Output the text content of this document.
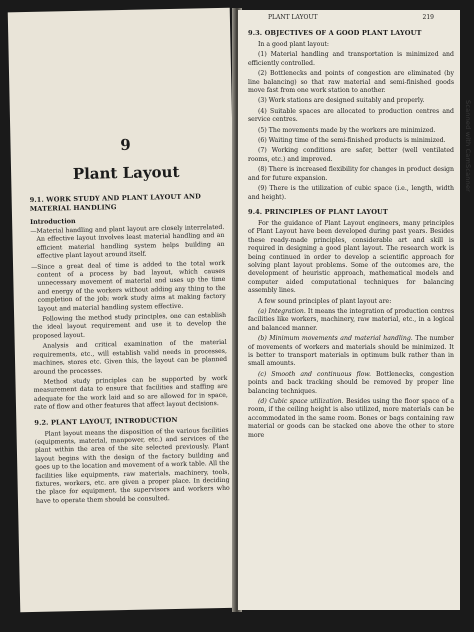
9
Plant Layout
9.1. WORK STUDY AND PLANT LAYOUT AND MATERIAL HANDLING
Introduction

—Material handling and plant layout are closely interrelated. An effective layout involves least material handling and an efficient material handling system helps building an effective plant layout around itself.

—Since a great deal of time is added to the total work content of a process by bad layout, which causes unnecessary movement of material and uses up the time and energy of the workers without adding any thing to the completion of the job; work study aims at making factory layout and material handling system effective.

Following the method study principles, one can establish the ideal layout requirement and use it to develop the proposed layout.

Analysis and critical examination of the material requirements, etc., will establish valid needs in processes, machines, stores etc. Given this, the layout can be planned around the processes.

Method study principles can be supported by work measurement data to ensure that facilities and staffing are adequate for the work laid and so are allowed for in space, rate of flow and other features that affect layout decisions.

9.2. PLANT LAYOUT, INTRODUCTION

Plant layout means the disposition of the various facilities (equipments, material, manpower, etc.) and services of the plant within the area of the site selected previously. Plant layout begins with the design of the factory building and goes up to the location and movement of a work table. All the facilities like equipments, raw materials, machinery, tools, fixtures, workers, etc. are given a proper place. In deciding the place for equipment, the supervisors and workers who have to operate them should be consulted.

PLANT LAYOUT	219
9.3. OBJECTIVES OF A GOOD PLANT LAYOUT

In a good plant layout:

(1) Material handling and transportation is minimized and efficiently controlled.

(2) Bottlenecks and points of congestion are eliminated (by line balancing) so that raw material and semi-finished goods move fast from one work station to another.

(3) Work stations are designed suitably and properly.

(4) Suitable spaces are allocated to production centres and service centres.

(5) The movements made by the workers are minimized.

(6) Waiting time of the semi-finished products is minimized.

(7) Working conditions are safer, better (well ventilated rooms, etc.) and improved.

(8) There is increased flexibility for changes in product design and for future expansion.

(9) There is the utilization of cubic space (i.e., length, width and height).

9.4. PRINCIPLES OF PLANT LAYOUT

For the guidance of Plant Layout engineers, many principles of Plant Layout have been developed during past years. Besides these ready-made principles, considerable art and skill is required in designing a good plant layout. The research work is being continued in order to develop a scientific approach for solving plant layout problems. Some of the outcomes are, the development of heuristic approach, mathematical models and computer aided computational techniques for balancing assembly lines.

A few sound principles of plant layout are:

(a) Integration. It means the integration of production centres facilities like workers, machinery, raw material, etc., in a logical and balanced manner.

(b) Minimum movements and material handling. The number of movements of workers and materials should be minimized. It is better to transport materials in optimum bulk rather than in small amounts.

(c) Smooth and continuous flow. Bottlenecks, congestion points and back tracking should be removed by proper line balancing techniques.

(d) Cubic space utilization. Besides using the floor space of a room, if the ceiling height is also utilized, more materials can be accommodated in the same room. Bones or bags containing raw material or goods can be stacked one above the other to store more

Scanned with CamScanner
